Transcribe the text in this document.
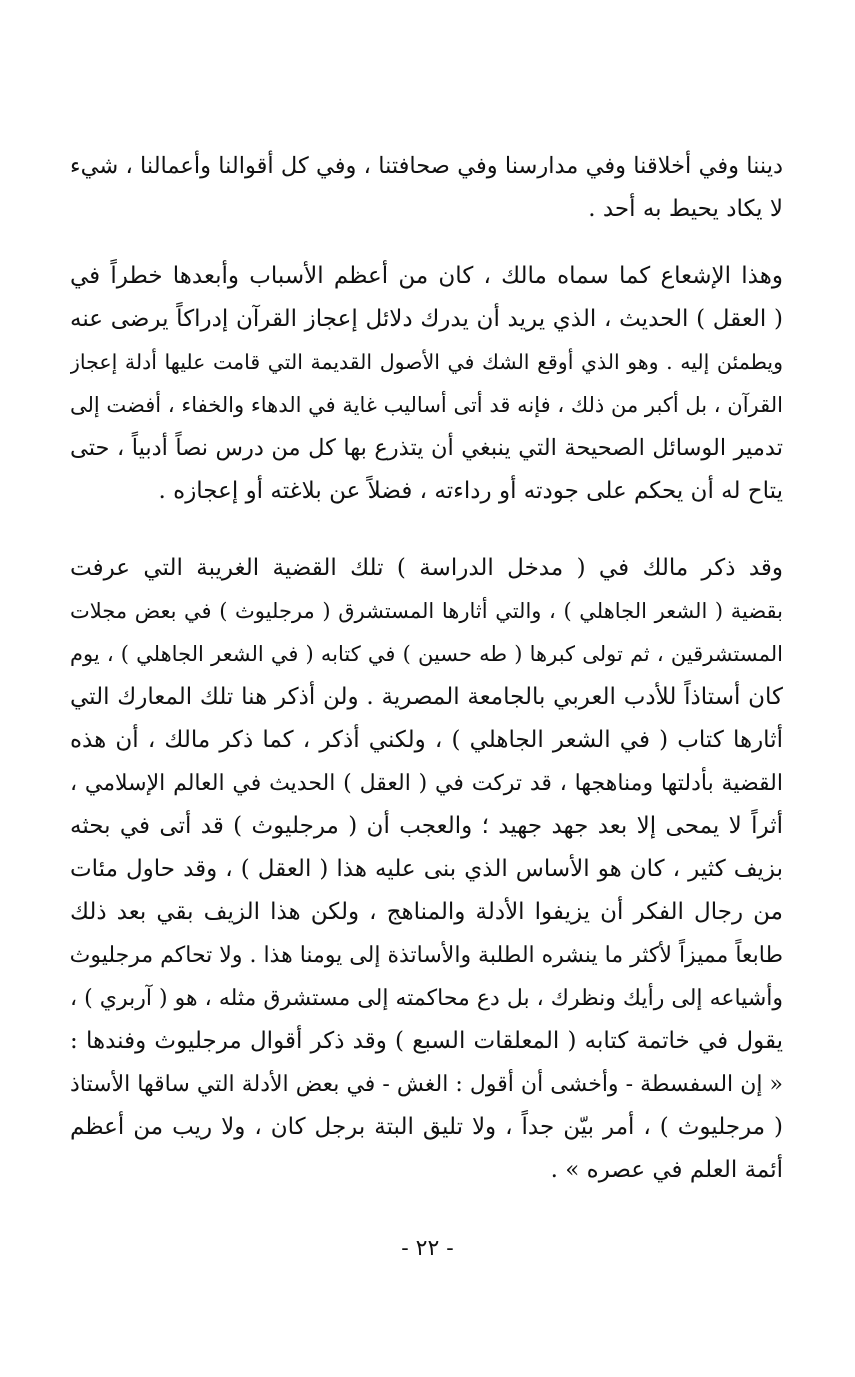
ديننا وفي أخلاقنا وفي مدارسنا وفي صحافتنا ، وفي كل أقوالنا وأعمالنا ، شيء
لا يكاد يحيط به أحد .
وهذا الإشعاع كما سماه مالك ، كان من أعظم الأسباب وأبعدها خطراً في
( العقل ) الحديث ، الذي يريد أن يدرك دلائل إعجاز القرآن إدراكاً يرضى عنه
ويطمئن إليه . وهو الذي أوقع الشك في الأصول القديمة التي قامت عليها أدلة إعجاز
القرآن ، بل أكبر من ذلك ، فإنه قد أتى أساليب غاية في الدهاء والخفاء ، أفضت إلى
تدمير الوسائل الصحيحة التي ينبغي أن يتذرع بها كل من درس نصاً أدبياً ، حتى
يتاح له أن يحكم على جودته أو رداءته ، فضلاً عن بلاغته أو إعجازه .
وقد ذكر مالك في ( مدخل الدراسة ) تلك القضية الغريبة التي عرفت
بقضية ( الشعر الجاهلي ) ، والتي أثارها المستشرق ( مرجليوث ) في بعض مجلات
المستشرقين ، ثم تولى كبرها ( طه حسين ) في كتابه ( في الشعر الجاهلي ) ، يوم
كان أستاذاً للأدب العربي بالجامعة المصرية . ولن أذكر هنا تلك المعارك التي
أثارها كتاب ( في الشعر الجاهلي ) ، ولكني أذكر ، كما ذكر مالك ، أن هذه
القضية بأدلتها ومناهجها ، قد تركت في ( العقل ) الحديث في العالم الإسلامي ،
أثراً لا يمحى إلا بعد جهد جهيد ؛ والعجب أن ( مرجليوث ) قد أتى في بحثه
بزيف كثير ، كان هو الأساس الذي بنى عليه هذا ( العقل ) ، وقد حاول مئات
من رجال الفكر أن يزيفوا الأدلة والمناهج ، ولكن هذا الزيف بقي بعد ذلك
طابعاً مميزاً لأكثر ما ينشره الطلبة والأساتذة إلى يومنا هذا . ولا تحاكم مرجليوث
وأشياعه إلى رأيك ونظرك ، بل دع محاكمته إلى مستشرق مثله ، هو ( آربري ) ،
يقول في خاتمة كتابه ( المعلقات السبع ) وقد ذكر أقوال مرجليوث وفندها :
« إن السفسطة - وأخشى أن أقول : الغش - في بعض الأدلة التي ساقها الأستاذ
( مرجليوث ) ، أمر بيّن جداً ، ولا تليق البتة برجل كان ، ولا ريب من أعظم
أئمة العلم في عصره » .
- ٢٢ -
